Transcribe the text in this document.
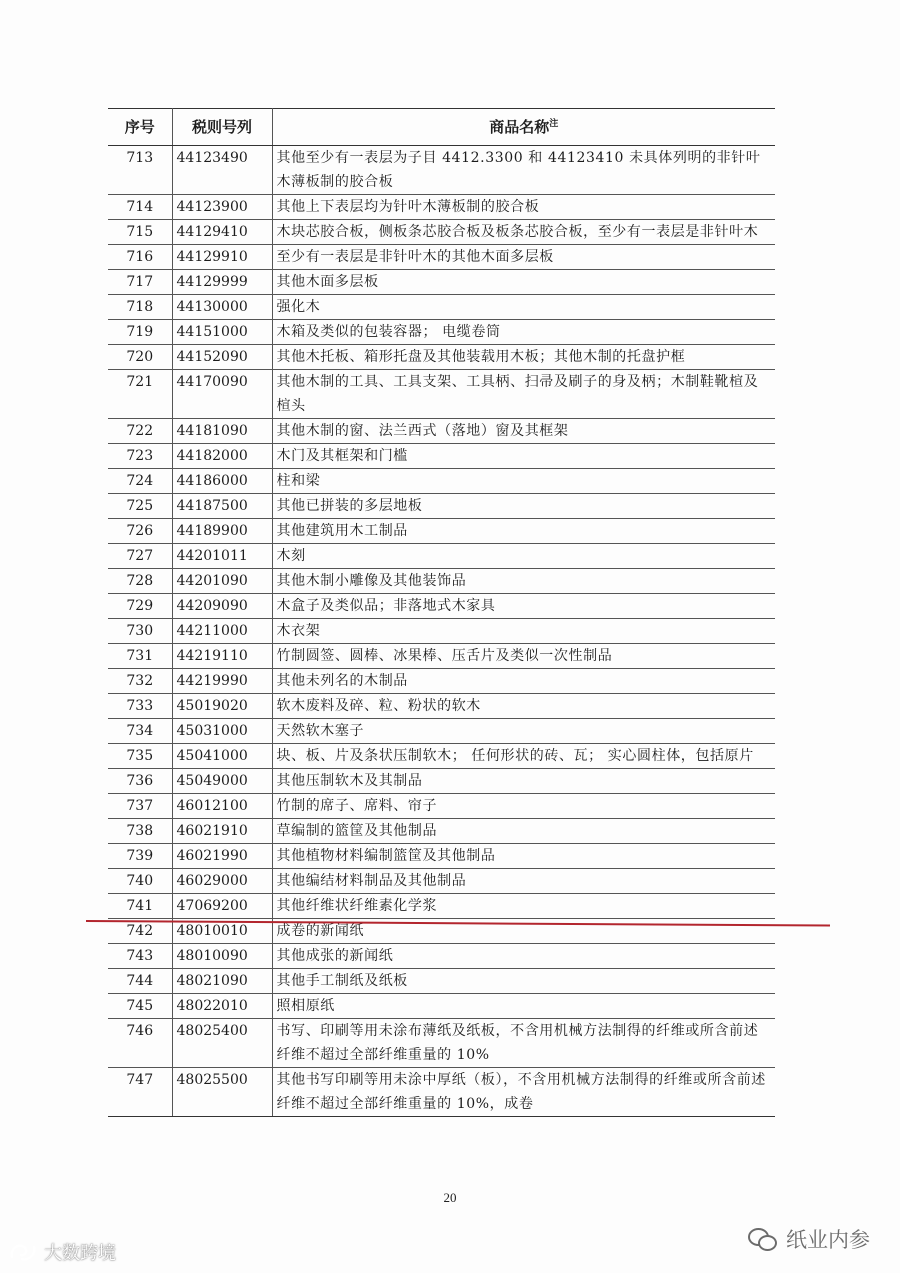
序号	税则号列	商品名称$^注$
713	44123490	其他至少有一表层为子目 4412.3300 和 44123410 未具体列明的非针叶木薄板制的胶合板
714	44123900	其他上下表层均为针叶木薄板制的胶合板
715	44129410	木块芯胶合板，侧板条芯胶合板及板条芯胶合板，至少有一表层是非针叶木
716	44129910	至少有一表层是非针叶木的其他木面多层板
717	44129999	其他木面多层板
718	44130000	强化木
719	44151000	木箱及类似的包装容器； 电缆卷筒
720	44152090	其他木托板、箱形托盘及其他装载用木板；其他木制的托盘护框
721	44170090	其他木制的工具、工具支架、工具柄、扫帚及刷子的身及柄；木制鞋靴楦及楦头
722	44181090	其他木制的窗、法兰西式（落地）窗及其框架
723	44182000	木门及其框架和门槛
724	44186000	柱和梁
725	44187500	其他已拼装的多层地板
726	44189900	其他建筑用木工制品
727	44201011	木刻
728	44201090	其他木制小雕像及其他装饰品
729	44209090	木盒子及类似品；非落地式木家具
730	44211000	木衣架
731	44219110	竹制圆签、圆棒、冰果棒、压舌片及类似一次性制品
732	44219990	其他未列名的木制品
733	45019020	软木废料及碎、粒、粉状的软木
734	45031000	天然软木塞子
735	45041000	块、板、片及条状压制软木； 任何形状的砖、瓦； 实心圆柱体，包括原片
736	45049000	其他压制软木及其制品
737	46012100	竹制的席子、席料、帘子
738	46021910	草编制的篮筐及其他制品
739	46021990	其他植物材料编制篮筐及其他制品
740	46029000	其他编结材料制品及其他制品
741	47069200	其他纤维状纤维素化学浆
742	48010010	成卷的新闻纸
743	48010090	其他成张的新闻纸
744	48021090	其他手工制纸及纸板
745	48022010	照相原纸
746	48025400	书写、印刷等用未涂布薄纸及纸板，不含用机械方法制得的纤维或所含前述纤维不超过全部纤维重量的 10%
747	48025500	其他书写印刷等用未涂中厚纸（板），不含用机械方法制得的纤维或所含前述纤维不超过全部纤维重量的 10%，成卷
20
大数跨境
纸业内参
